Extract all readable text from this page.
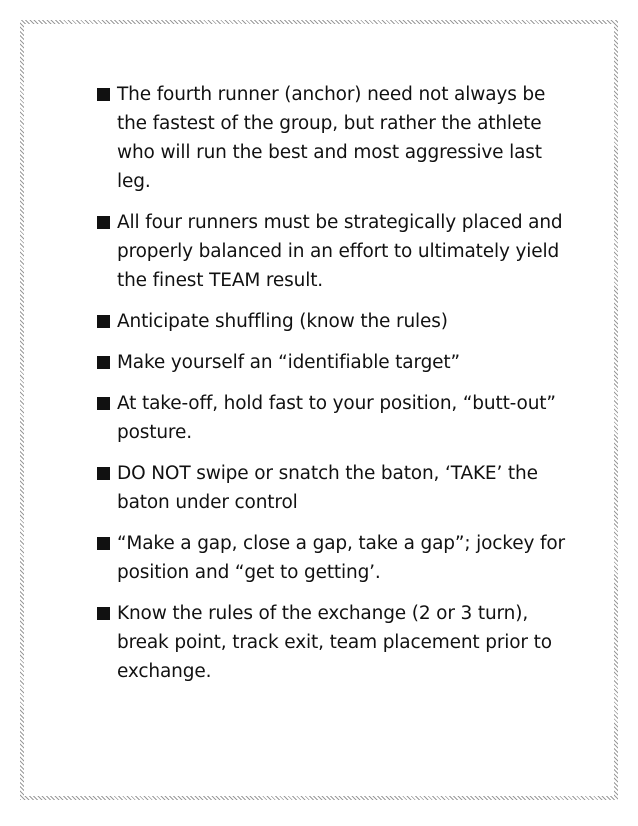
The fourth runner (anchor) need not always be the fastest of the group, but rather the athlete who will run the best and most aggressive last leg.
All four runners must be strategically placed and properly balanced in an effort to ultimately yield the finest TEAM result.
Anticipate shuffling (know the rules)
Make yourself an “identifiable target”
At take-off, hold fast to your position, “butt-out” posture.
DO NOT swipe or snatch the baton, ‘TAKE’ the baton under control
“Make a gap, close a gap, take a gap”; jockey for position and “get to getting’.
Know the rules of the exchange (2 or 3 turn), break point, track exit, team placement prior to exchange.
